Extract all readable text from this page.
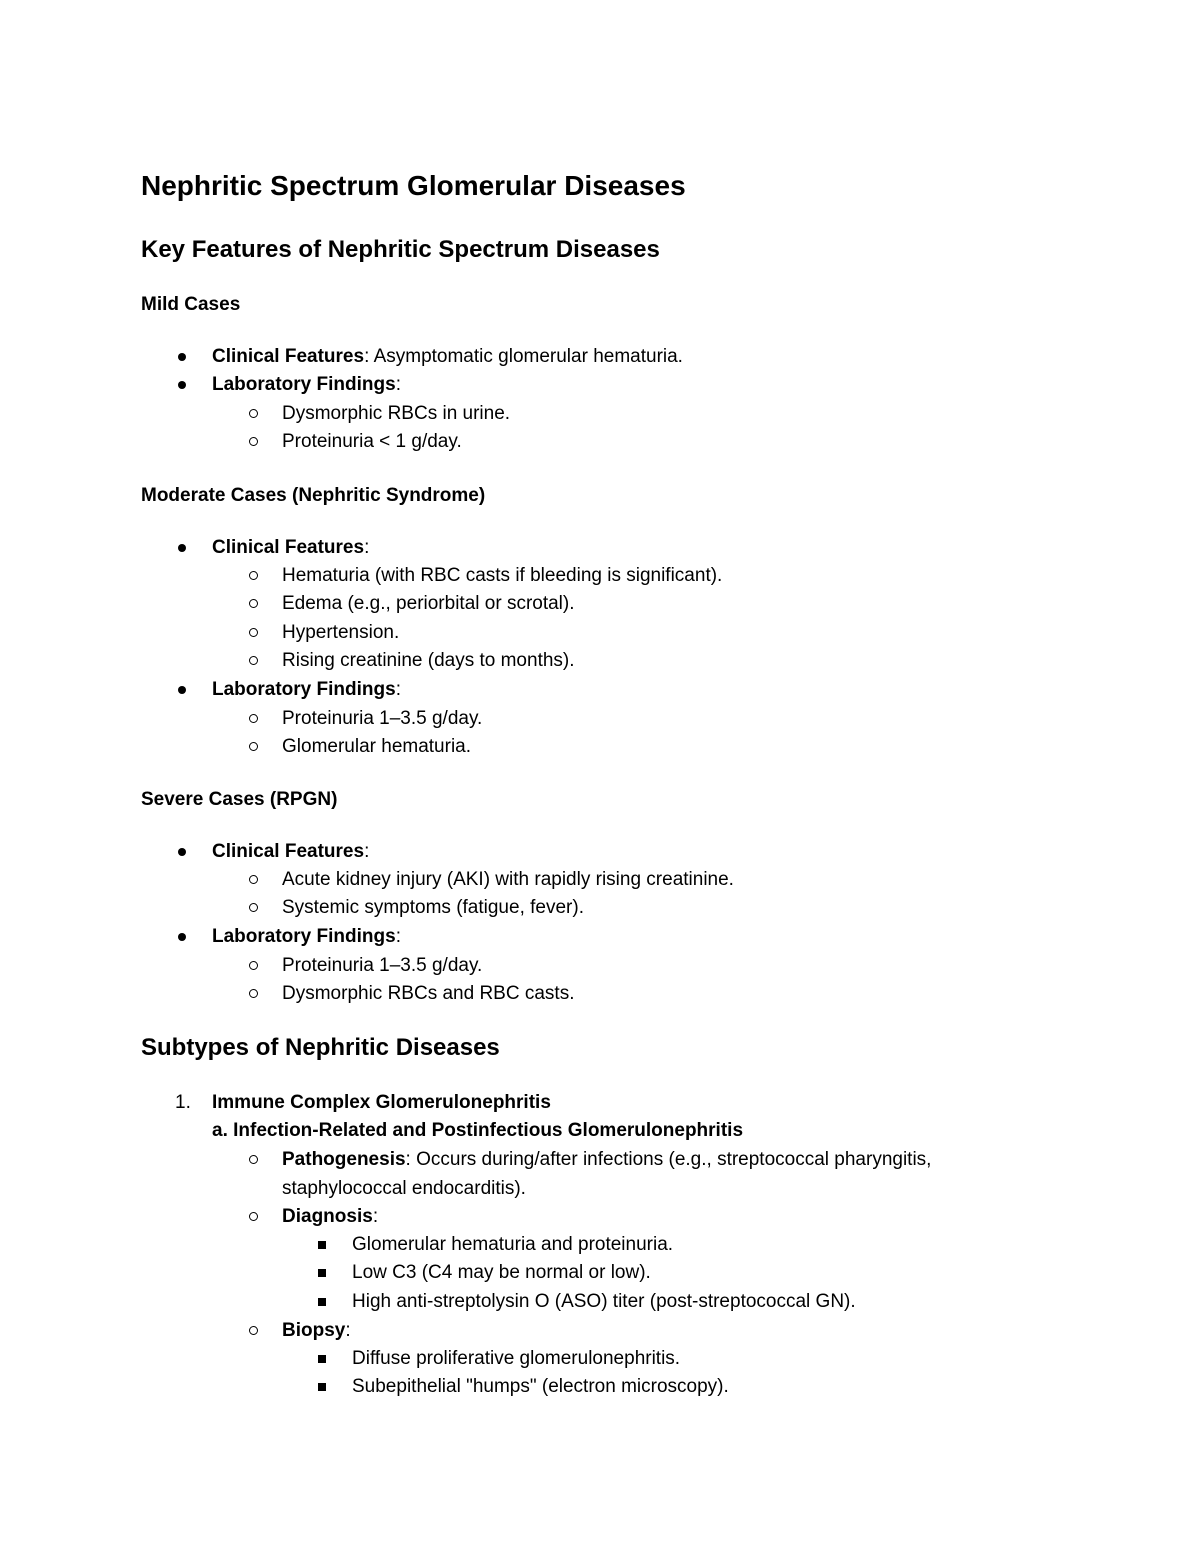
Nephritic Spectrum Glomerular Diseases
Key Features of Nephritic Spectrum Diseases
Mild Cases
Clinical Features: Asymptomatic glomerular hematuria.
Laboratory Findings:
Dysmorphic RBCs in urine.
Proteinuria < 1 g/day.
Moderate Cases (Nephritic Syndrome)
Clinical Features:
Hematuria (with RBC casts if bleeding is significant).
Edema (e.g., periorbital or scrotal).
Hypertension.
Rising creatinine (days to months).
Laboratory Findings:
Proteinuria 1–3.5 g/day.
Glomerular hematuria.
Severe Cases (RPGN)
Clinical Features:
Acute kidney injury (AKI) with rapidly rising creatinine.
Systemic symptoms (fatigue, fever).
Laboratory Findings:
Proteinuria 1–3.5 g/day.
Dysmorphic RBCs and RBC casts.
Subtypes of Nephritic Diseases
1. Immune Complex Glomerulonephritis
a. Infection-Related and Postinfectious Glomerulonephritis
Pathogenesis: Occurs during/after infections (e.g., streptococcal pharyngitis,
staphylococcal endocarditis).
Diagnosis:
Glomerular hematuria and proteinuria.
Low C3 (C4 may be normal or low).
High anti-streptolysin O (ASO) titer (post-streptococcal GN).
Biopsy:
Diffuse proliferative glomerulonephritis.
Subepithelial "humps" (electron microscopy).
